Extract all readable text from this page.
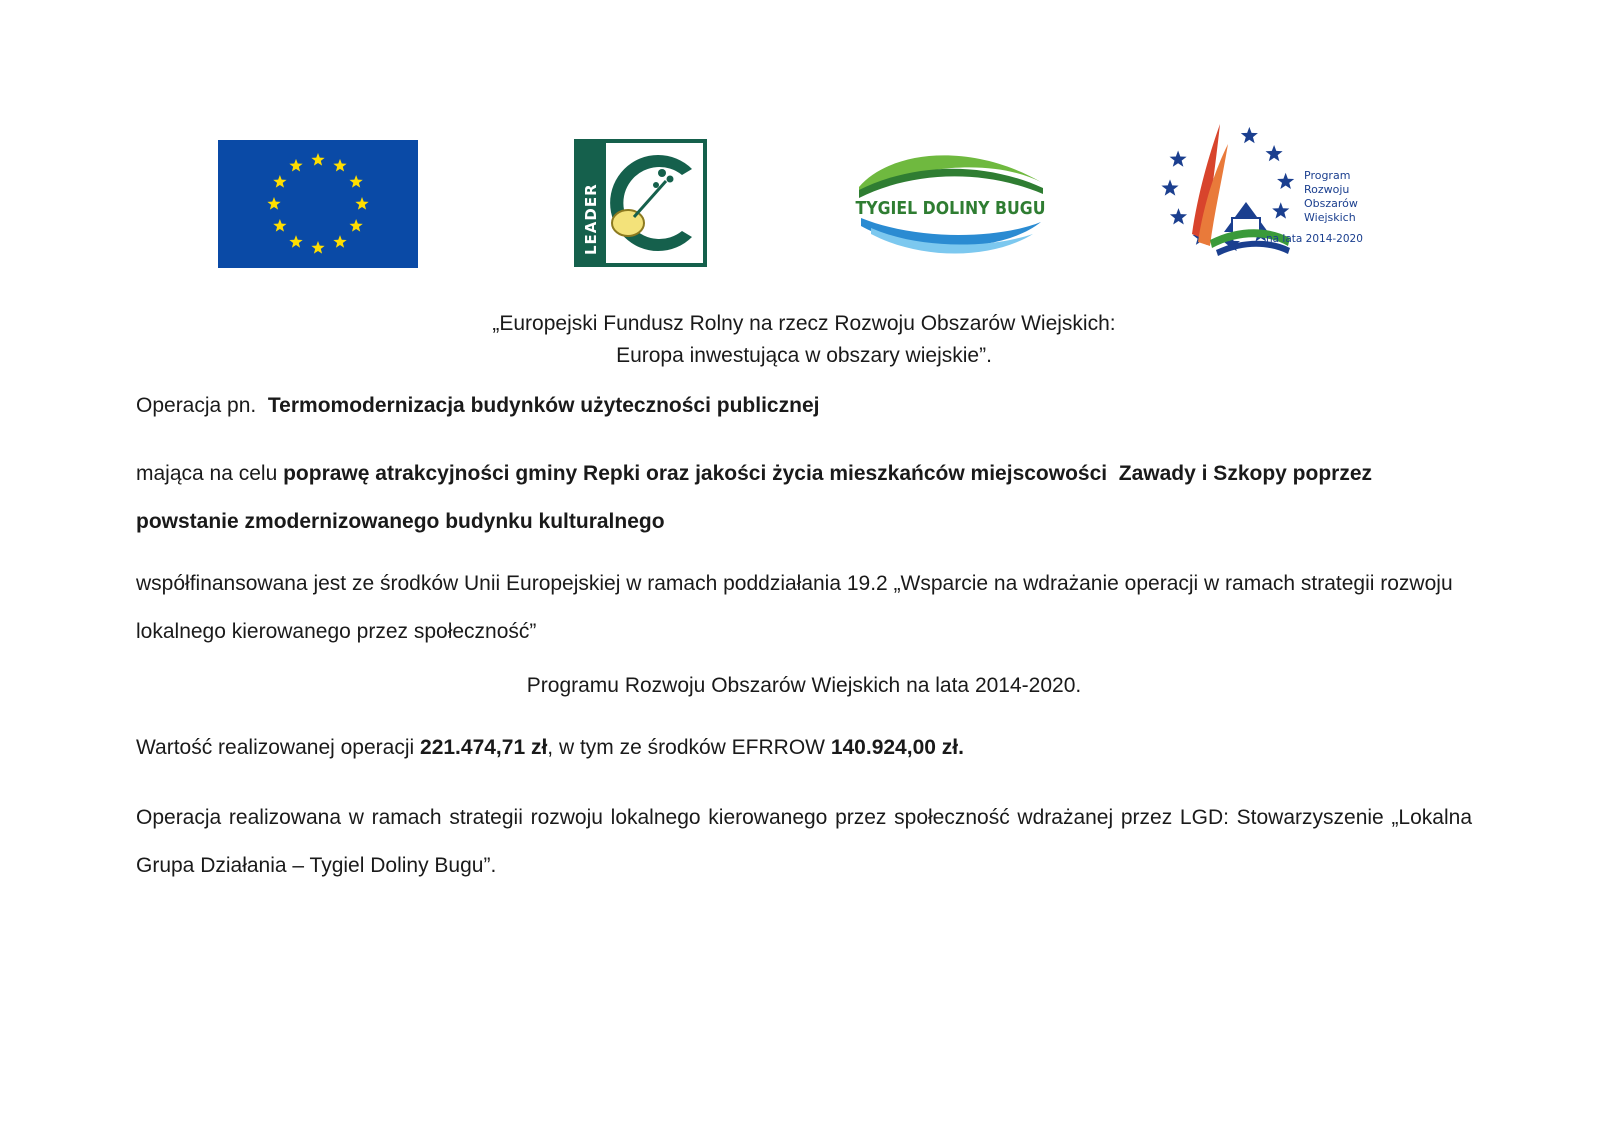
LEADER	TYGIEL DOLINY BUGU
Program
Rozwoju
Obszarów
Wiejskich
na lata 2014-2020
„Europejski Fundusz Rolny na rzecz Rozwoju Obszarów Wiejskich:
Europa inwestująca w obszary wiejskie”.

Operacja pn.  Termomodernizacja budynków użyteczności publicznej

mająca na celu poprawę atrakcyjności gminy Repki oraz jakości życia mieszkańców miejscowości  Zawady i Szkopy poprzez powstanie zmodernizowanego budynku kulturalnego

współfinansowana jest ze środków Unii Europejskiej w ramach poddziałania 19.2 „Wsparcie na wdrażanie operacji w ramach strategii rozwoju lokalnego kierowanego przez społeczność”

Programu Rozwoju Obszarów Wiejskich na lata 2014-2020.

Wartość realizowanej operacji 221.474,71 zł, w tym ze środków EFRROW 140.924,00 zł.

Operacja realizowana w ramach strategii rozwoju lokalnego kierowanego przez społeczność wdrażanej przez LGD: Stowarzyszenie „Lokalna Grupa Działania – Tygiel Doliny Bugu”.
